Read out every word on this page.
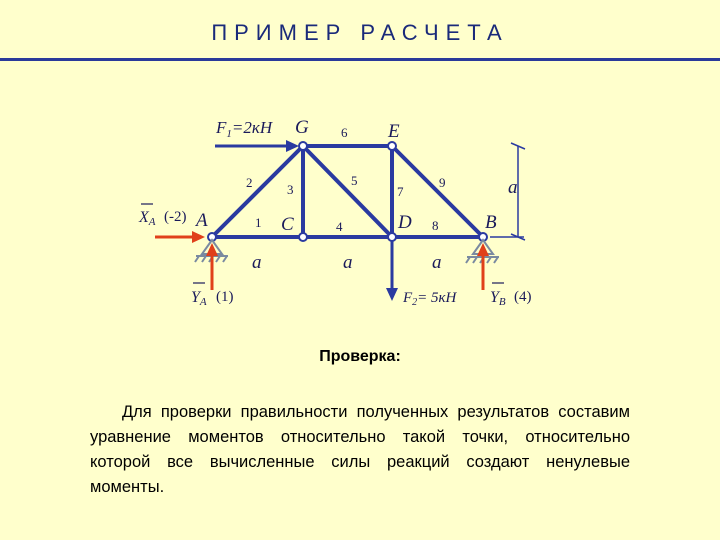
ПРИМЕР РАСЧЕТА
$F_1=2кН$ G	E
A	C	D	B
1
2	3
4
5
6
7
8
9	a
a	a	a
XA (-2)
YA (1)	$F_2= 5кН$ YB (4)
Проверка:
Для проверки правильности полученных результатов составим уравнение моментов относительно такой точки, относительно которой все вычисленные силы реакций создают ненулевые моменты.
